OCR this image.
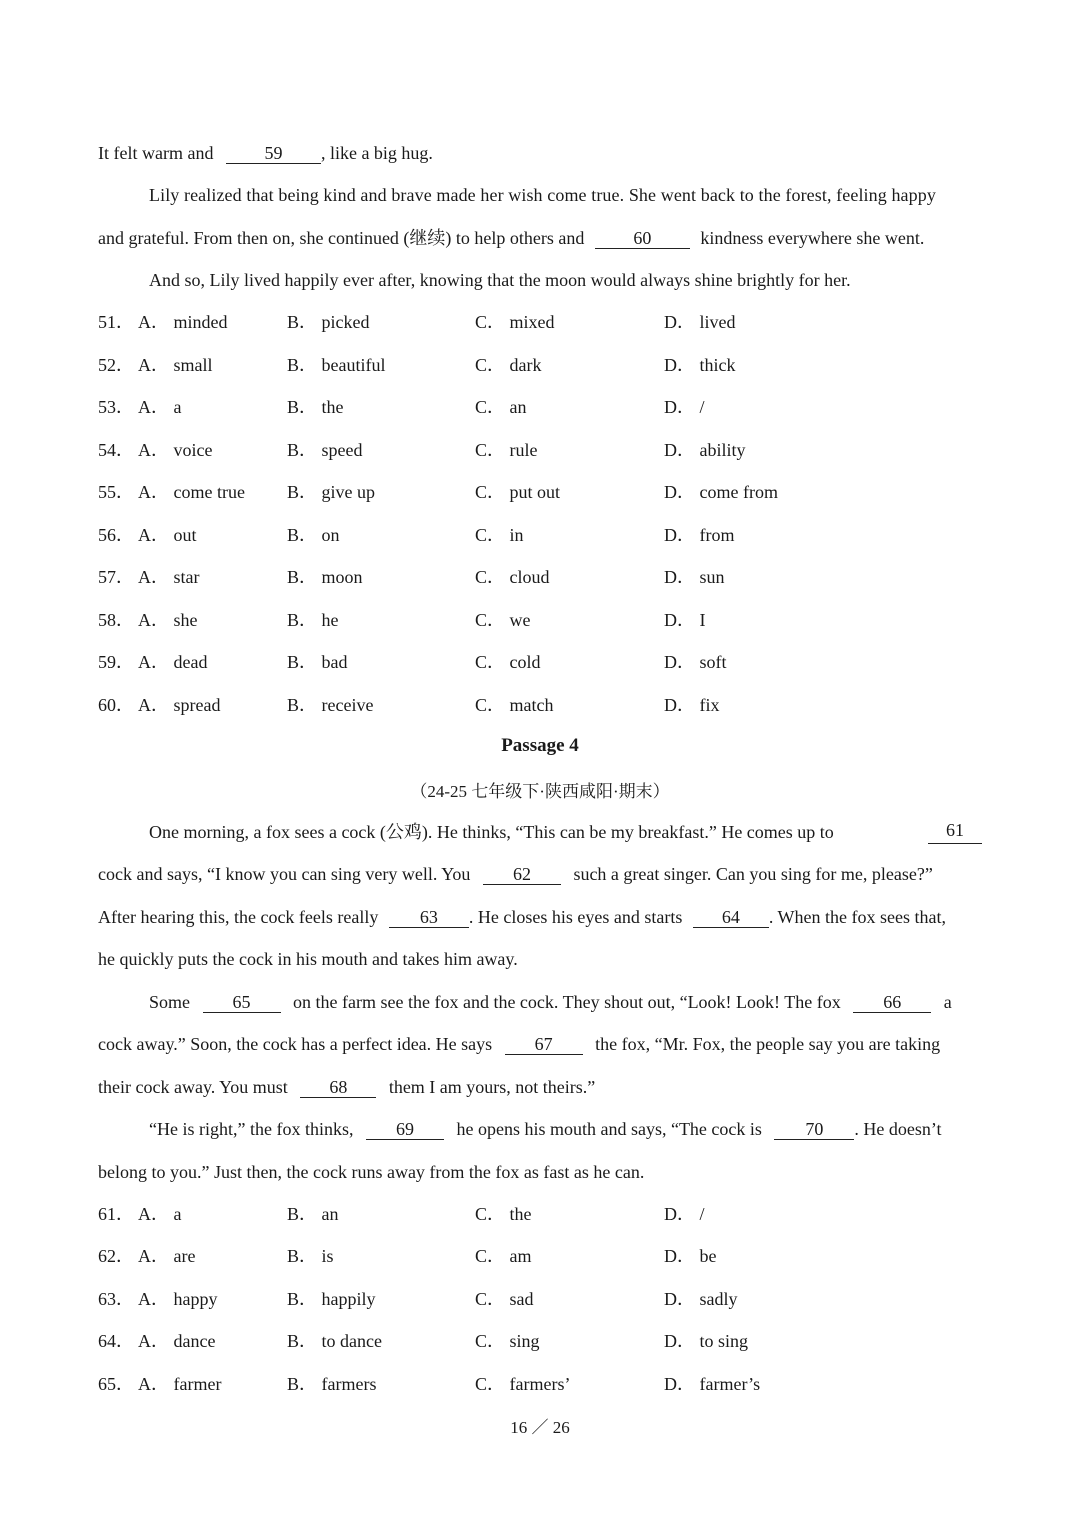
It felt warm and	59 , like a big hug.
Lily realized that being kind and brave made her wish come true. She went back to the forest, feeling happy
and grateful. From then on, she continued (继续) to help others and	60	kindness everywhere she went.
And so, Lily lived happily ever after, knowing that the moon would always shine brightly for her.
51． A． minded	B． picked	C． mixed	D． lived
52． A． small	B． beautiful	C． dark	D． thick
53． A． a	B． the	C． an	D． /
54． A． voice	B． speed	C． rule	D． ability
55． A． come true B． give up	C． put out	D． come from
56． A． out	B． on	C． in	D． from
57． A． star	B． moon	C． cloud	D． sun
58． A． she	B． he	C． we	D． I
59． A． dead	B． bad	C． cold	D． soft
60． A． spread	B． receive	C． match	D． fix
Passage 4
（24-25 七年级下·陕西咸阳·期末）
One morning, a fox sees a cock (公鸡). He thinks, “This can be my breakfast.” He comes up to	61
cock and says, “I know you can sing very well. You 62 such a great singer. Can you sing for me, please?”
After hearing this, the cock feels really 63 . He closes his eyes and starts 64 . When the fox sees that,
he quickly puts the cock in his mouth and takes him away.
Some 65 on the farm see the fox and the cock. They shout out, “Look! Look! The fox 66 a
cock away.” Soon, the cock has a perfect idea. He says 67 the fox, “Mr. Fox, the people say you are taking
their cock away. You must 68 them I am yours, not theirs.”
“He is right,” the fox thinks, 69 he opens his mouth and says, “The cock is 70 . He doesn’t
belong to you.” Just then, the cock runs away from the fox as fast as he can.
61． A． a	B． an	C． the	D． /
62． A． are	B． is	C． am	D． be
63． A． happy	B． happily	C． sad	D． sadly
64． A． dance	B． to dance	C． sing	D． to sing
65． A． farmer	B． farmers	C． farmers’	D． farmer’s
16 ／ 26
